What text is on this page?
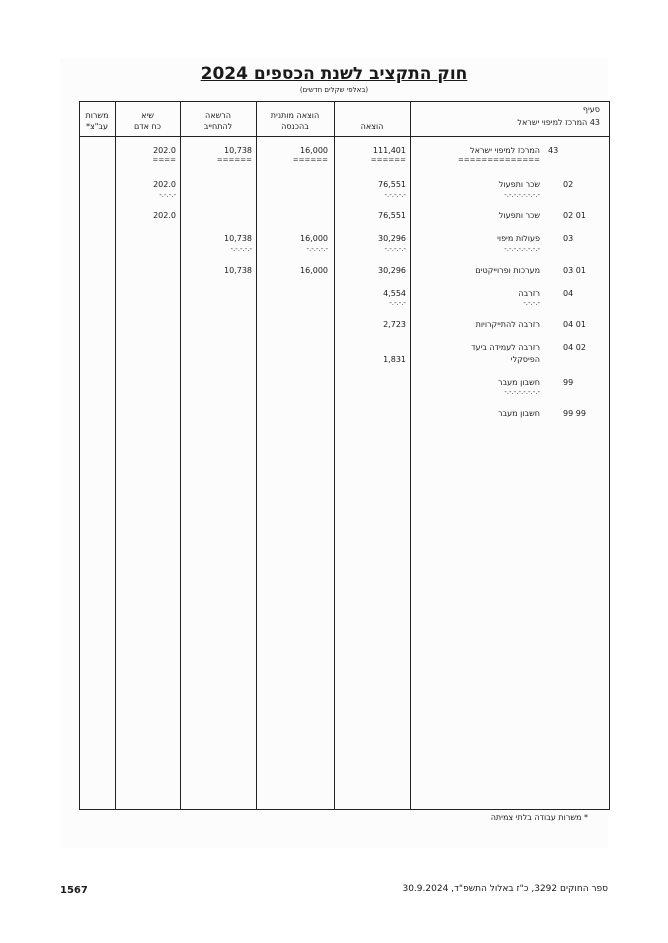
חוק התקציב לשנת הכספים 2024
(באלפי שקלים חדשים)
סעיף
43 המרכז למיפוי ישראל
הוצאה
הוצאה מותנית
בהכנסה
הרשאה
להתחייב
שיא
כח אדם
משרות
עב"צ*
43
המרכז למיפוי ישראל
==============
111,401
======
16,000
======
10,738
======
202.0
====
02
שכר ותפעול
-.-.-.-.-.-.-.-
76,551
-.-.-.-.-
202.0
-.-.-.-
02 01
שכר ותפעול
76,551
202.0
03
פעולות מיפוי
-.-.-.-.-.-.-.-
30,296
-.-.-.-.-
16,000
-.-.-.-.-
10,738
-.-.-.-.-
03 01
מערכות ופרוייקטים
30,296
16,000
10,738
04
רזרבה
-.-.-.-
4,554
-.-.-.-
04 01
רזרבה להתייקרויות
2,723
04 02
רזרבה לעמידה ביעד
הפיסקלי
1,831
99
חשבון מעבר
-.-.-.-.-.-.-.-
99 99
חשבון מעבר
* משרות עבודה בלתי צמיתה
1567	ספר החוקים 3292, כ"ז באלול התשפ"ד, 30.9.2024
